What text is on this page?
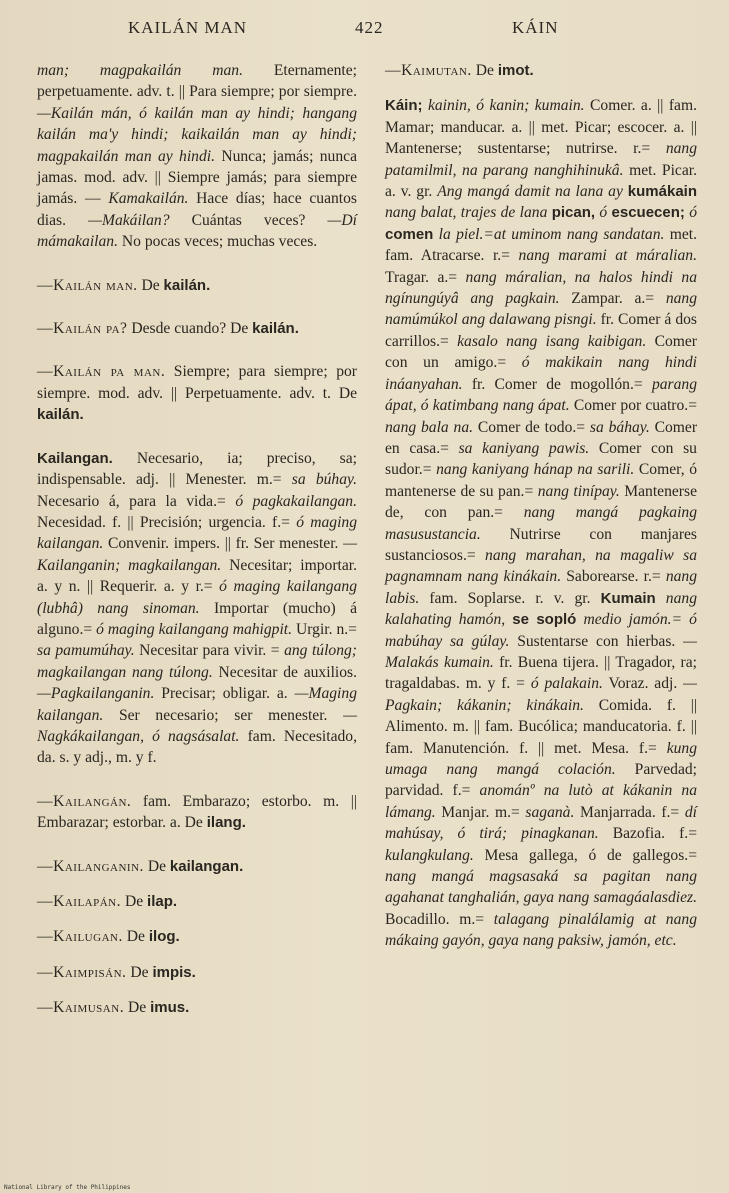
KAILÁN MAN	422	KÁIN

man; magpakailán man. Eternamente; perpetuamente. adv. t. || Para siempre; por siempre. —Kailán mán, ó kailán man ay hindi; hangang kailán ma'y hindi; kaikailán man ay hindi; magpakailán man ay hindi. Nunca; jamás; nunca jamas. mod. adv. || Siempre jamás; para siempre jamás. — Kamakailán. Hace días; hace cuantos dias. —Makáilan? Cuántas veces? —Dí mámakailan. No pocas veces; muchas veces.

—Kailán man. De kailán.

—Kailán pa? Desde cuando? De kailán.

—Kailán pa man. Siempre; para siempre; por siempre. mod. adv. || Perpetuamente. adv. t. De kailán.

Kailangan. Necesario, ia; preciso, sa; indispensable. adj. || Menester. m.= sa búhay. Necesario á, para la vida.= ó pagkakailangan. Necesidad. f. || Precisión; urgencia. f.= ó maging kailangan. Convenir. impers. || fr. Ser menester. —Kailanganin; magkailangan. Necesitar; importar. a. y n. || Requerir. a. y r.= ó maging kailangang (lubhâ) nang sinoman. Importar (mucho) á alguno.= ó maging kailangang mahigpit. Urgir. n.= sa pamumúhay. Necesitar para vivir. = ang túlong; magkailangan nang túlong. Necesitar de auxilios. —Pagkailanganin. Precisar; obligar. a. —Maging kailangan. Ser necesario; ser menester. —Nagkákailangan, ó nagsásalat. fam. Necesitado, da. s. y adj., m. y f.

—Kailangán. fam. Embarazo; estorbo. m. || Embarazar; estorbar. a. De ilang.

—Kailanganin. De kailangan.

—Kailapán. De ilap.

—Kailugan. De ilog.

—Kaimpisán. De impis.

—Kaimusan. De imus.

—Kaimutan. De imot.

Káin; kainin, ó kanin; kumain. Comer. a. || fam. Mamar; manducar. a. || met. Picar; escocer. a. || Mantenerse; sustentarse; nutrirse. r.= nang patamilmil, na parang nanghihinukâ. met. Picar. a. v. gr. Ang mangá damit na lana ay kumákain nang balat, trajes de lana pican, ó escuecen; ó comen la piel.=at uminom nang sandatan. met. fam. Atracarse. r.= nang marami at máralian. Tragar. a.= nang máralian, na halos hindi na ngínungúyâ ang pagkain. Zampar. a.= nang namúmúkol ang dalawang pisngi. fr. Comer á dos carrillos.= kasalo nang isang kaibigan. Comer con un amigo.= ó makikain nang hindi ináanyahan. fr. Comer de mogollón.= parang ápat, ó katimbang nang ápat. Comer por cuatro.= nang bala na. Comer de todo.= sa báhay. Comer en casa.= sa kaniyang pawis. Comer con su sudor.= nang kaniyang hánap na sarili. Comer, ó mantenerse de su pan.= nang tinípay. Mantenerse de, con pan.= nang mangá pagkaing masusustancia. Nutrirse con manjares sustanciosos.= nang marahan, na magaliw sa pagnamnam nang kinákain. Saborearse. r.= nang labis. fam. Soplarse. r. v. gr. Kumain nang kalahating hamón, se sopló medio jamón.= ó mabúhay sa gúlay. Sustentarse con hierbas. —Malakás kumain. fr. Buena tijera. || Tragador, ra; tragaldabas. m. y f. = ó palakain. Voraz. adj. —Pagkain; kákanin; kinákain. Comida. f. || Alimento. m. || fam. Bucólica; manducatoria. f. || fam. Manutención. f. || met. Mesa. f.= kung umaga nang mangá colación. Parvedad; parvidad. f.= anománº na lutò at kákanin na lámang. Manjar. m.= saganà. Manjarrada. f.= dí mahúsay, ó tirá; pinagkanan. Bazofia. f.= kulangkulang. Mesa gallega, ó de gallegos.= nang mangá magsasaká sa pagitan nang agahanat tanghalián, gaya nang samagáalasdiez. Bocadillo. m.= talagang pinalálamig at nang mákaing gayón, gaya nang paksiw, jamón, etc.

National Library of the Philippines
